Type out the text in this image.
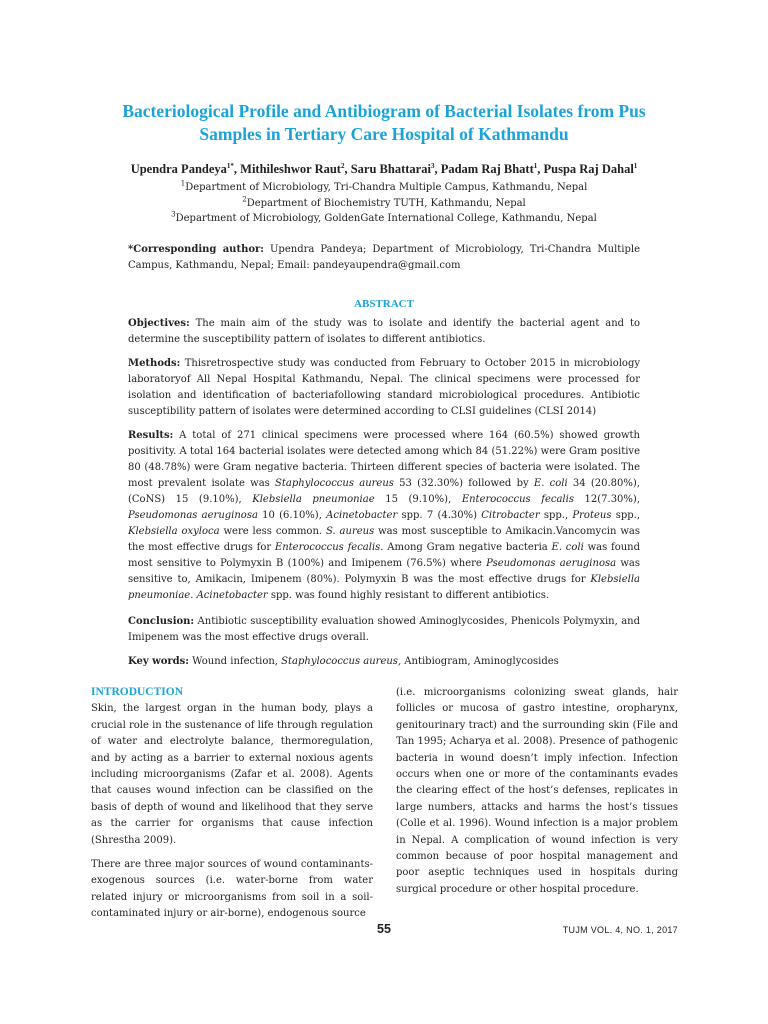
Bacteriological Profile and Antibiogram of Bacterial Isolates from Pus
Samples in Tertiary Care Hospital of Kathmandu
Upendra Pandeya$^{1*}$, Mithileshwor Raut$^2$, Saru Bhattarai$^3$, Padam Raj Bhatt$^1$, Puspa Raj Dahal$^1$
$^1$Department of Microbiology, Tri-Chandra Multiple Campus, Kathmandu, Nepal
$^2$Department of Biochemistry TUTH, Kathmandu, Nepal
$^3$Department of Microbiology, GoldenGate International College, Kathmandu, Nepal
*Corresponding author: Upendra Pandeya; Department of Microbiology, Tri-Chandra Multiple Campus, Kathmandu, Nepal; Email: pandeyaupendra@gmail.com
ABSTRACT
Objectives: The main aim of the study was to isolate and identify the bacterial agent and to determine the susceptibility pattern of isolates to different antibiotics.
Methods: Thisretrospective study was conducted from February to October 2015 in microbiology laboratoryof All Nepal Hospital Kathmandu, Nepal. The clinical specimens were processed for isolation and identification of bacteriafollowing standard microbiological procedures. Antibiotic susceptibility pattern of isolates were determined according to CLSI guidelines (CLSI 2014)
Results: A total of 271 clinical specimens were processed where 164 (60.5%) showed growth positivity. A total 164 bacterial isolates were detected among which 84 (51.22%) were Gram positive 80 (48.78%) were Gram negative bacteria. Thirteen different species of bacteria were isolated. The most prevalent isolate was Staphylococcus aureus 53 (32.30%) followed by E. coli 34 (20.80%), (CoNS) 15 (9.10%), Klebsiella pneumoniae 15 (9.10%), Enterococcus fecalis 12(7.30%), Pseudomonas aeruginosa 10 (6.10%), Acinetobacter spp. 7 (4.30%) Citrobacter spp., Proteus spp., Klebsiella oxyloca were less common. S. aureus was most susceptible to Amikacin.Vancomycin was the most effective drugs for Enterococcus fecalis. Among Gram negative bacteria E. coli was found most sensitive to Polymyxin B (100%) and Imipenem (76.5%) where Pseudomonas aeruginosa was sensitive to, Amikacin, Imipenem (80%). Polymyxin B was the most effective drugs for Klebsiella pneumoniae. Acinetobacter spp. was found highly resistant to different antibiotics.
Conclusion: Antibiotic susceptibility evaluation showed Aminoglycosides, Phenicols Polymyxin, and Imipenem was the most effective drugs overall.
Key words: Wound infection, Staphylococcus aureus, Antibiogram, Aminoglycosides
INTRODUCTION

Skin, the largest organ in the human body, plays a crucial role in the sustenance of life through regulation of water and electrolyte balance, thermoregulation, and by acting as a barrier to external noxious agents including microorganisms (Zafar et al. 2008). Agents that causes wound infection can be classified on the basis of depth of wound and likelihood that they serve as the carrier for organisms that cause infection (Shrestha 2009).

There are three major sources of wound contaminants- exogenous sources (i.e. water-borne from water related injury or microorganisms from soil in a soil-contaminated injury or air-borne), endogenous source

(i.e. microorganisms colonizing sweat glands, hair follicles or mucosa of gastro intestine, oropharynx, genitourinary tract) and the surrounding skin (File and Tan 1995; Acharya et al. 2008). Presence of pathogenic bacteria in wound doesn’t imply infection. Infection occurs when one or more of the contaminants evades the clearing effect of the host’s defenses, replicates in large numbers, attacks and harms the host’s tissues (Colle et al. 1996). Wound infection is a major problem in Nepal. A complication of wound infection is very common because of poor hospital management and poor aseptic techniques used in hospitals during surgical procedure or other hospital procedure.

55	TUJM VOL. 4, NO. 1, 2017
